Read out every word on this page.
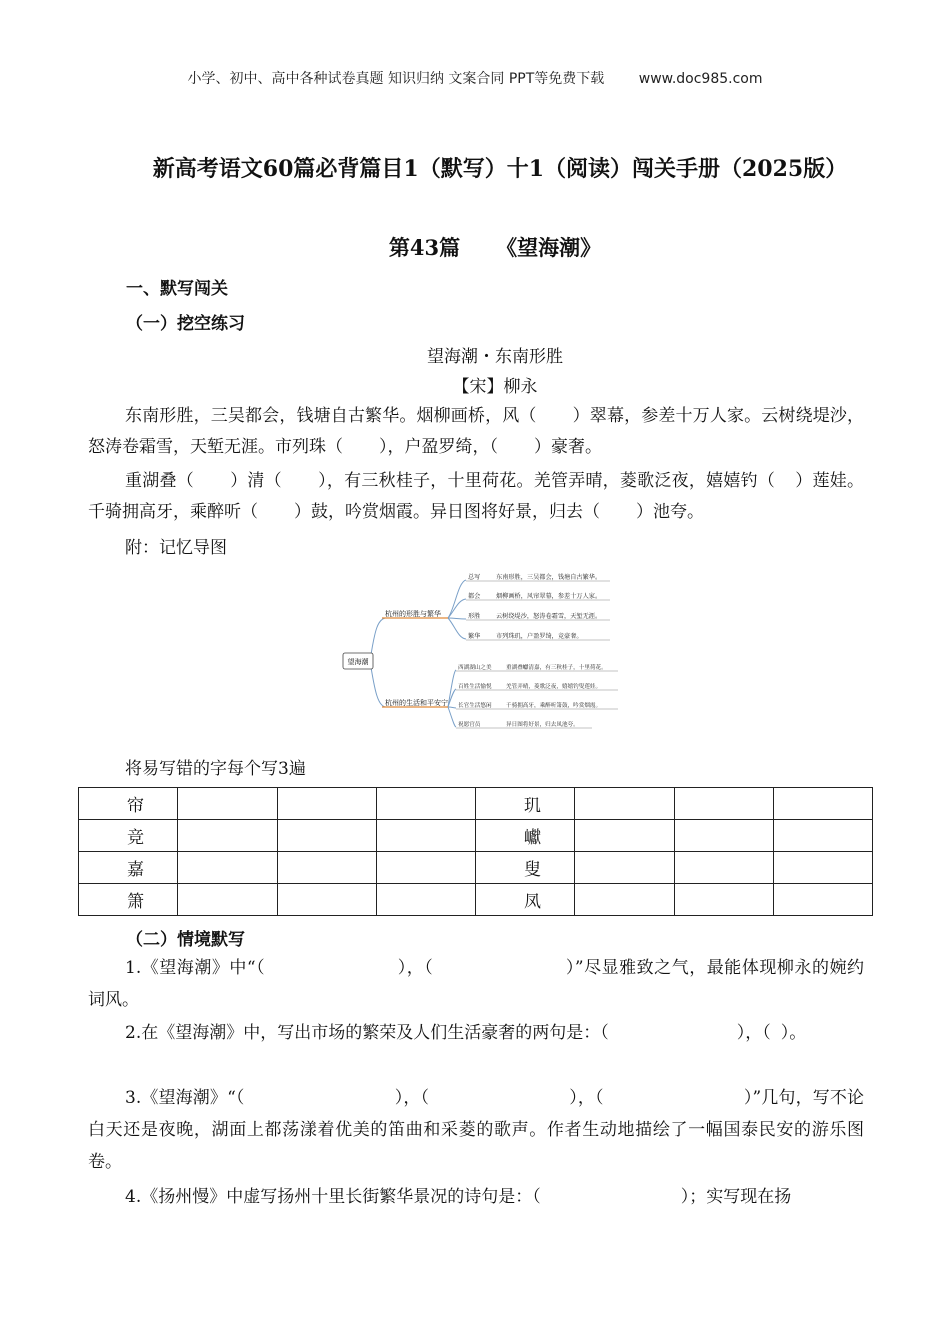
小学、初中、高中各种试卷真题 知识归纳 文案合同 PPT等免费下载 www.doc985.com
新高考语文60篇必背篇目1（默写）十1（阅读）闯关手册（2025版）
第43篇 《望海潮》
一、默写闯关
（一）挖空练习
望海潮・东南形胜
【宋】柳永

东南形胜，三吴都会，钱塘自古繁华。烟柳画桥，风（ ）翠幕，参差十万人家。云树绕堤沙，怒涛卷霜雪，天堑无涯。市列珠（ ），户盈罗绮，（ ）豪奢。

重湖叠（ ）清（ ），有三秋桂子，十里荷花。羌管弄晴，菱歌泛夜，嬉嬉钓（ ）莲娃。千骑拥高牙，乘醉听（ ）鼓，吟赏烟霞。异日图将好景，归去（ ）池夸。

附：记忆导图

望海潮
杭州的形胜与繁华
杭州的生活和平安宁
总写	东南形胜，三吴都会，钱塘自古繁华。
都会	烟柳画桥，风帘翠幕，参差十万人家。
形胜	云树绕堤沙，怒涛卷霜雪，天堑无涯。
繁华	市列珠玑，户盈罗绮，竞豪奢。
西湖湖山之美	重湖叠巘清嘉，有三秋桂子，十里荷花。
百姓生活愉悦	羌管弄晴，菱歌泛夜，嬉嬉钓叟莲娃。
长官生活悠闲	千骑拥高牙，乘醉听箫鼓，吟赏烟霞。
祝愿官员	异日图将好景，归去凤池夸。

将易写错的字每个写3遍

帘				玑			
竞				巘			
嘉				叟			
箫				凤			
（二）情境默写

1.《望海潮》中“（	），（	）”尽显雅致之气，最能体现柳永的婉约词风。

2.在《望海潮》中，写出市场的繁荣及人们生活豪奢的两句是：（	），（ ）。

3.《望海潮》“（	），（	），（	）”几句，写不论白天还是夜晚，湖面上都荡漾着优美的笛曲和采菱的歌声。作者生动地描绘了一幅国泰民安的游乐图卷。

4.《扬州慢》中虚写扬州十里长街繁华景况的诗句是：（	）；实写现在扬
